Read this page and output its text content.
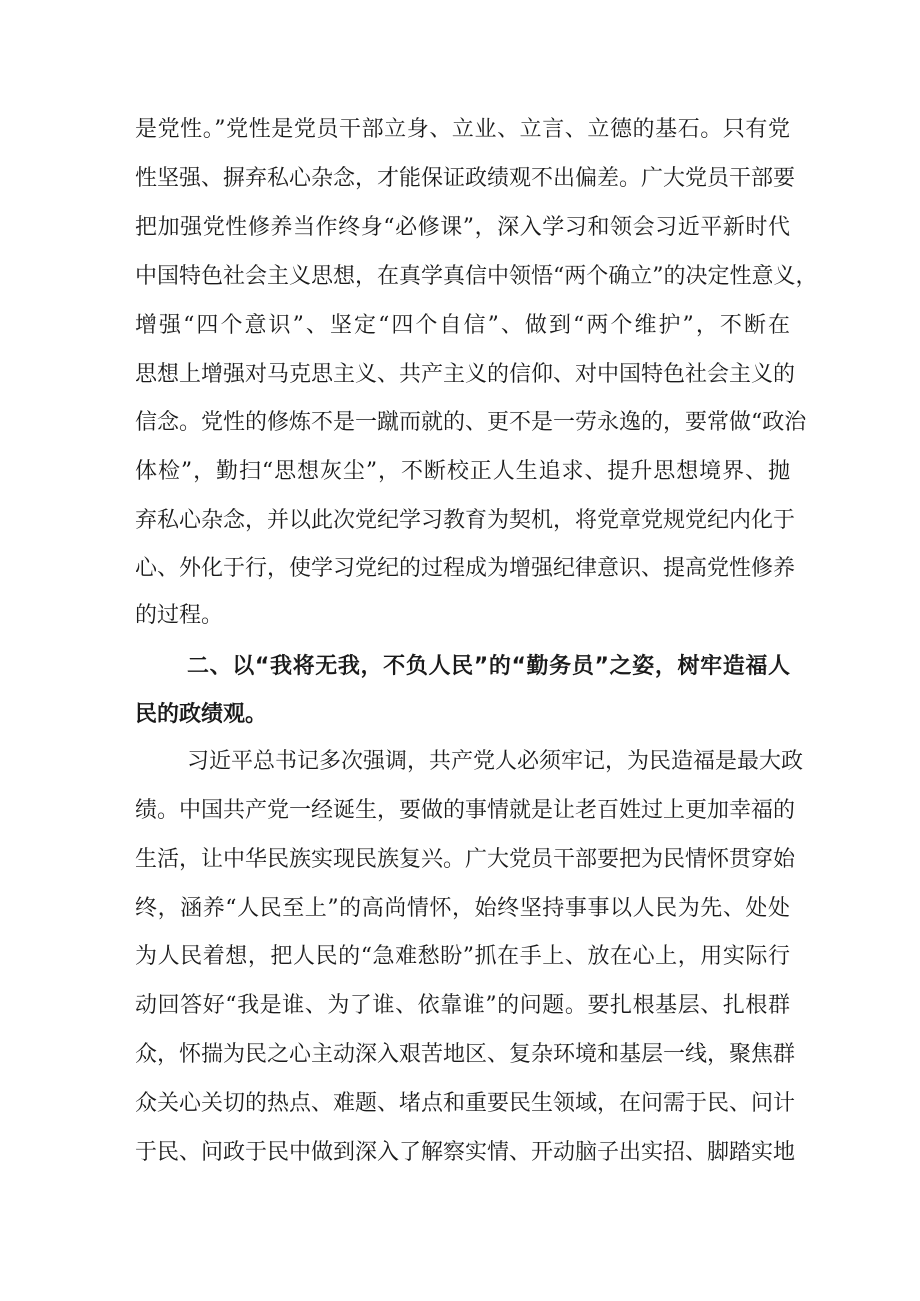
是党性。”党性是党员干部立身、立业、立言、立德的基石。只有党
性坚强、摒弃私心杂念，才能保证政绩观不出偏差。广大党员干部要
把加强党性修养当作终身“必修课”，深入学习和领会习近平新时代
中国特色社会主义思想，在真学真信中领悟“两个确立”的决定性意义，
增强“四个意识”、坚定“四个自信”、做到“两个维护”，不断在
思想上增强对马克思主义、共产主义的信仰、对中国特色社会主义的
信念。党性的修炼不是一蹴而就的、更不是一劳永逸的，要常做“政治
体检”，勤扫“思想灰尘”，不断校正人生追求、提升思想境界、抛
弃私心杂念，并以此次党纪学习教育为契机，将党章党规党纪内化于
心、外化于行，使学习党纪的过程成为增强纪律意识、提高党性修养
的过程。
二、以“我将无我，不负人民”的“勤务员”之姿，树牢造福人
民的政绩观。
习近平总书记多次强调，共产党人必须牢记，为民造福是最大政
绩。中国共产党一经诞生，要做的事情就是让老百姓过上更加幸福的
生活，让中华民族实现民族复兴。广大党员干部要把为民情怀贯穿始
终，涵养“人民至上”的高尚情怀，始终坚持事事以人民为先、处处
为人民着想，把人民的“急难愁盼”抓在手上、放在心上，用实际行
动回答好“我是谁、为了谁、依靠谁”的问题。要扎根基层、扎根群
众，怀揣为民之心主动深入艰苦地区、复杂环境和基层一线，聚焦群
众关心关切的热点、难题、堵点和重要民生领域，在问需于民、问计
于民、问政于民中做到深入了解察实情、开动脑子出实招、脚踏实地
